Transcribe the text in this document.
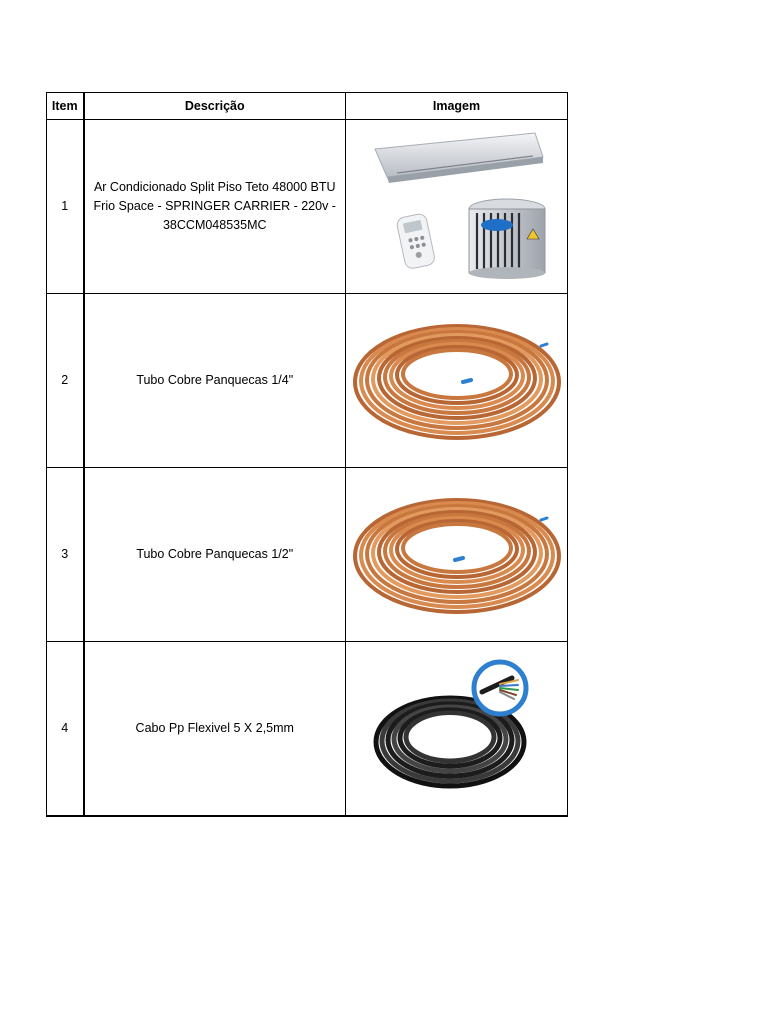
Item	Descrição	Imagem
1	Ar Condicionado Split Piso Teto 48000 BTU Frio Space - SPRINGER CARRIER - 220v - 38CCM048535MC	

2	Tubo Cobre Panquecas 1/4"	

3	Tubo Cobre Panquecas 1/2"	

4	Cabo Pp Flexivel 5 X 2,5mm	
